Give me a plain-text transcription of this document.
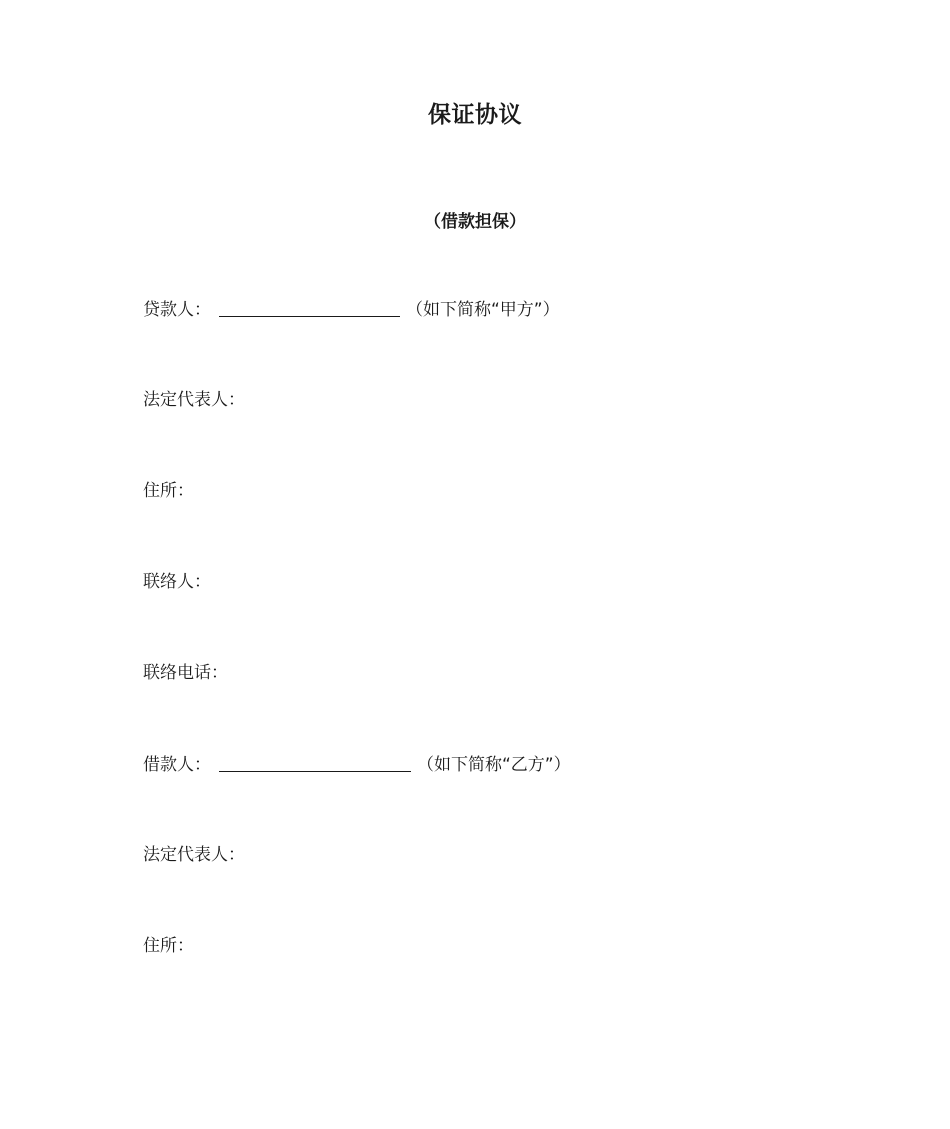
保证协议
（借款担保）
贷款人：	（如下简称“甲方”）
法定代表人：
住所：
联络人：
联络电话：
借款人：	（如下简称“乙方”）
法定代表人：
住所：
